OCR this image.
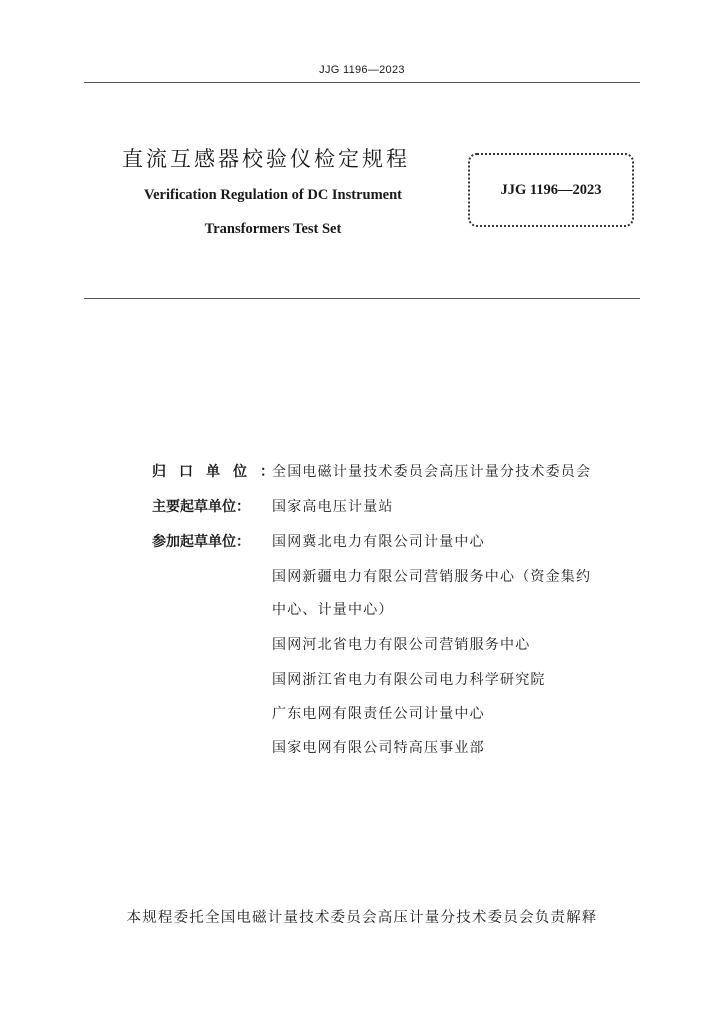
JJG 1196—2023
直流互感器校验仪检定规程
Verification Regulation of DC Instrument
Transformers Test Set
JJG 1196—2023
归口单位：
全国电磁计量技术委员会高压计量分技术委员会
主要起草单位：	国家高电压计量站
参加起草单位：	国网冀北电力有限公司计量中心
国网新疆电力有限公司营销服务中心（资金集约
中心、计量中心）
国网河北省电力有限公司营销服务中心
国网浙江省电力有限公司电力科学研究院
广东电网有限责任公司计量中心
国家电网有限公司特高压事业部
本规程委托全国电磁计量技术委员会高压计量分技术委员会负责解释
